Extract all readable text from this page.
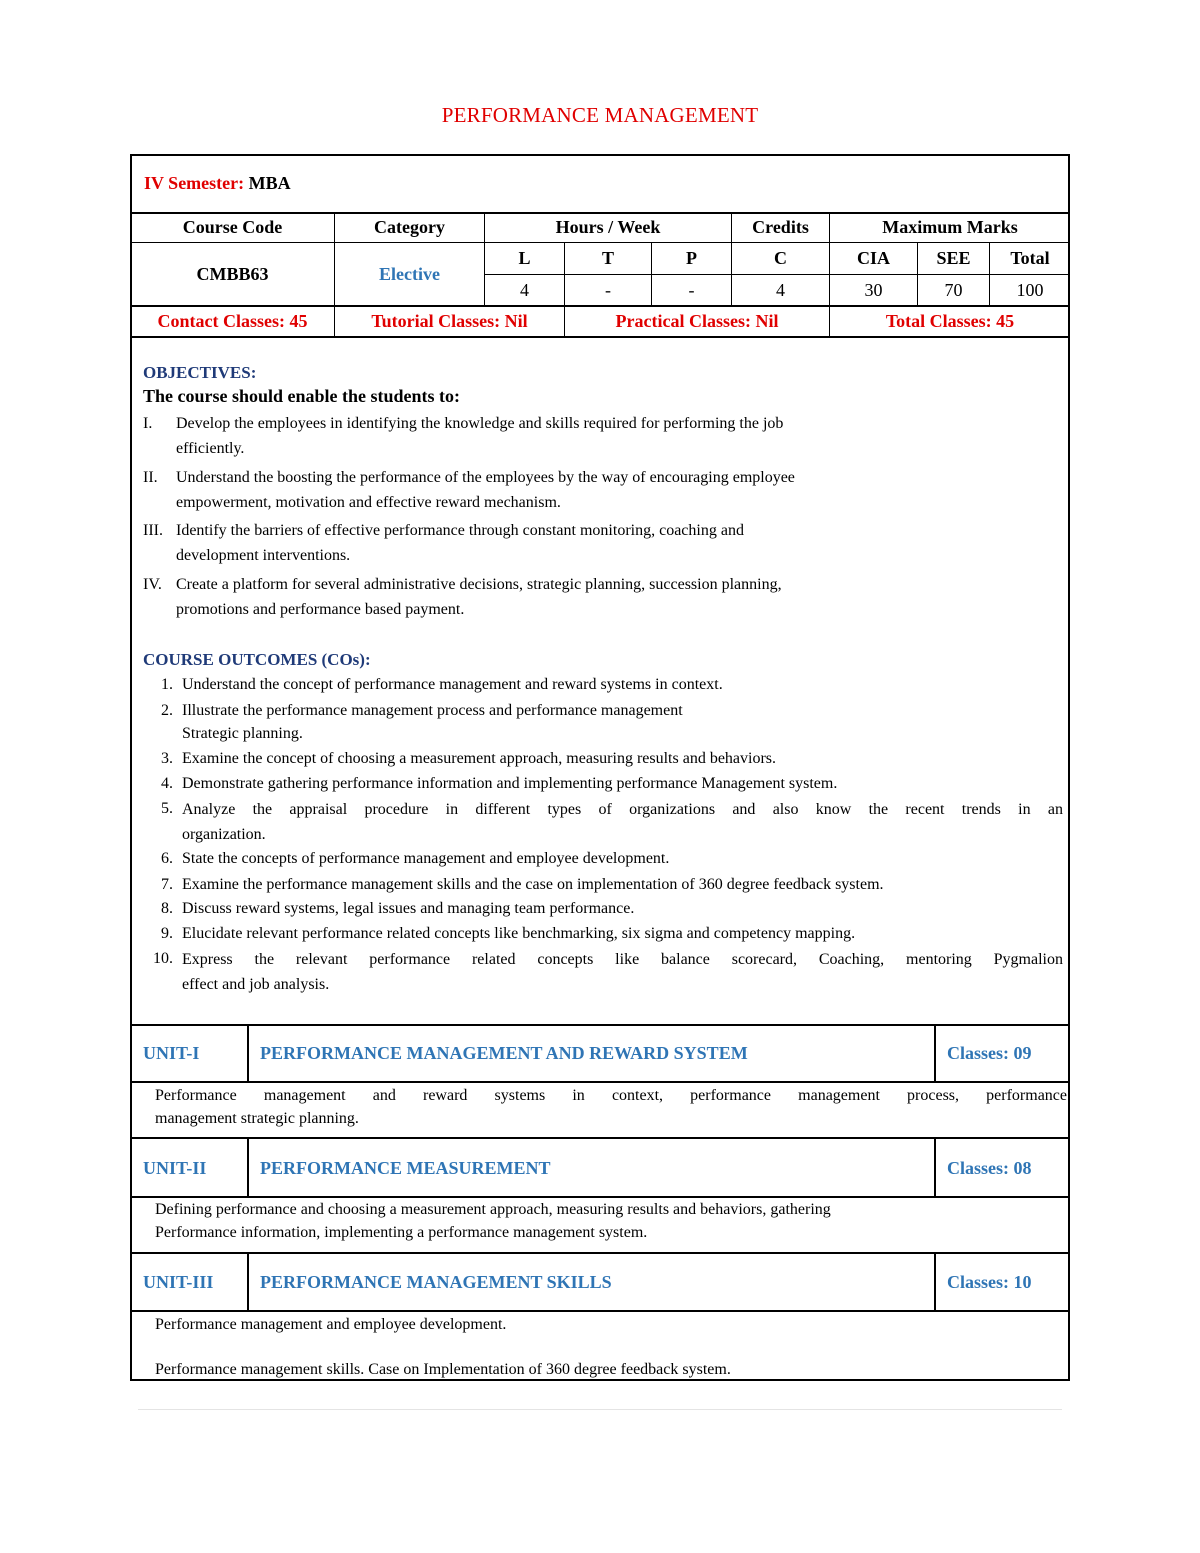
PERFORMANCE MANAGEMENT
IV Semester: MBA
Course Code	Category	Hours / Week	Credits	Maximum Marks
CMBB63	Elective
L	T	P	C	CIA	SEE	Total
4	-	-	4	30	70	100
Contact Classes: 45	Tutorial Classes: Nil	Practical Classes: Nil	Total Classes: 45
OBJECTIVES:
The course should enable the students to:
I. Develop the employees in identifying the knowledge and skills required for performing the job
efficiently.
II. Understand the boosting the performance of the employees by the way of encouraging employee
empowerment, motivation and effective reward mechanism.
III. Identify the barriers of effective performance through constant monitoring, coaching and
development interventions.
IV. Create a platform for several administrative decisions, strategic planning, succession planning,
promotions and performance based payment.
COURSE OUTCOMES (COs):
1. Understand the concept of performance management and reward systems in context.
2. Illustrate the performance management process and performance management
Strategic planning.
3. Examine the concept of choosing a measurement approach, measuring results and behaviors.
4. Demonstrate gathering performance information and implementing performance Management system.
5. Analyze the appraisal procedure in different types of organizations and also know the recent trends in an
organization.
6. State the concepts of performance management and employee development.
7. Examine the performance management skills and the case on implementation of 360 degree feedback system.
8. Discuss reward systems, legal issues and managing team performance.
9. Elucidate relevant performance related concepts like benchmarking, six sigma and competency mapping.
10. Express the relevant performance related concepts like balance scorecard, Coaching, mentoring Pygmalion
effect and job analysis.
UNIT-I	PERFORMANCE MANAGEMENT AND REWARD SYSTEM	Classes: 09
Performance management and reward systems in context, performance management process, performance
management strategic planning.
UNIT-II	PERFORMANCE MEASUREMENT	Classes: 08
Defining performance and choosing a measurement approach, measuring results and behaviors, gathering
Performance information, implementing a performance management system.
UNIT-III	PERFORMANCE MANAGEMENT SKILLS	Classes: 10
Performance management and employee development.
Performance management skills. Case on Implementation of 360 degree feedback system.
